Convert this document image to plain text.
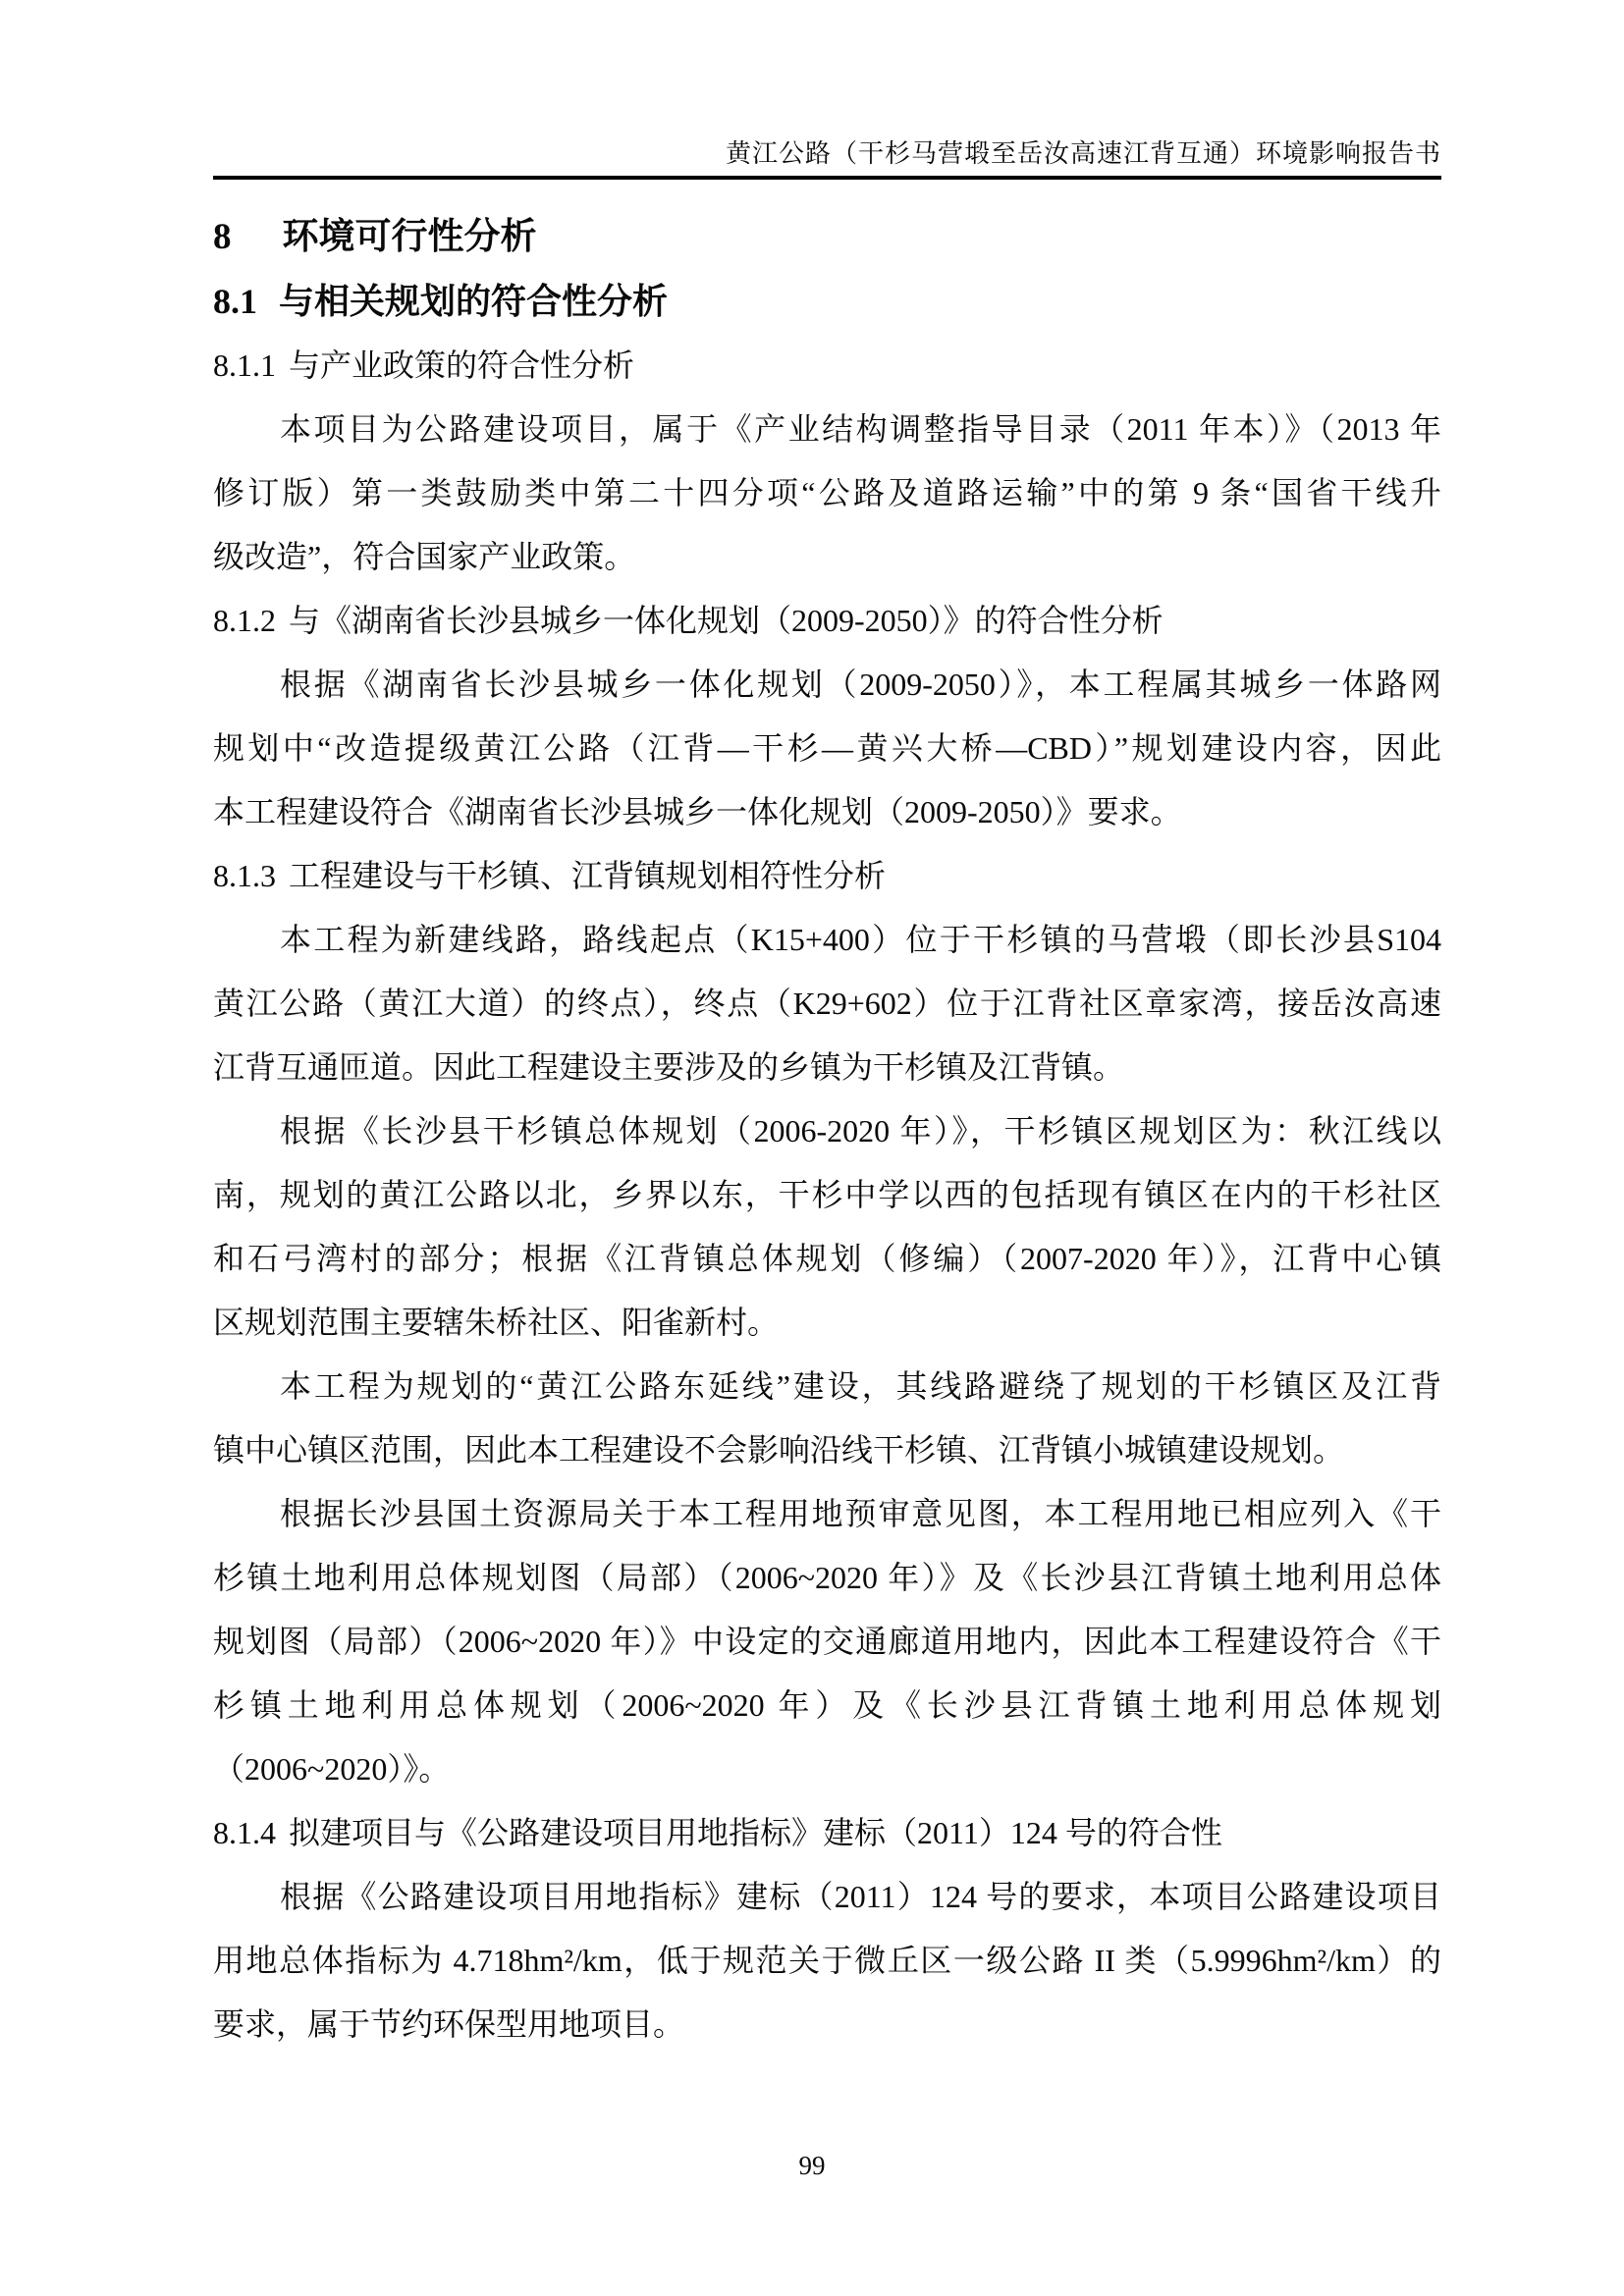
黄江公路（干杉马营塅至岳汝高速江背互通）环境影响报告书
8 环境可行性分析
8.1 与相关规划的符合性分析
8.1.1 与产业政策的符合性分析
本项目为公路建设项目，属于《产业结构调整指导目录（2011 年本）》（2013 年
修订版）第一类鼓励类中第二十四分项“公路及道路运输”中的第 9 条“国省干线升
级改造”，符合国家产业政策。
8.1.2 与《湖南省长沙县城乡一体化规划（2009-2050）》的符合性分析
根据《湖南省长沙县城乡一体化规划（2009-2050）》，本工程属其城乡一体路网
规划中“改造提级黄江公路（江背—干杉—黄兴大桥—CBD）”规划建设内容，因此
本工程建设符合《湖南省长沙县城乡一体化规划（2009-2050）》要求。
8.1.3 工程建设与干杉镇、江背镇规划相符性分析
本工程为新建线路，路线起点（K15+400）位于干杉镇的马营塅（即长沙县S104
黄江公路（黄江大道）的终点），终点（K29+602）位于江背社区章家湾，接岳汝高速
江背互通匝道。因此工程建设主要涉及的乡镇为干杉镇及江背镇。
根据《长沙县干杉镇总体规划（2006-2020 年）》，干杉镇区规划区为：秋江线以
南，规划的黄江公路以北，乡界以东，干杉中学以西的包括现有镇区在内的干杉社区
和石弓湾村的部分；根据《江背镇总体规划（修编）（2007-2020 年）》，江背中心镇
区规划范围主要辖朱桥社区、阳雀新村。
本工程为规划的“黄江公路东延线”建设，其线路避绕了规划的干杉镇区及江背
镇中心镇区范围，因此本工程建设不会影响沿线干杉镇、江背镇小城镇建设规划。
根据长沙县国土资源局关于本工程用地预审意见图，本工程用地已相应列入《干
杉镇土地利用总体规划图（局部）（2006~2020 年）》及《长沙县江背镇土地利用总体
规划图（局部）（2006~2020 年）》中设定的交通廊道用地内，因此本工程建设符合《干
杉镇土地利用总体规划（2006~2020 年）及《长沙县江背镇土地利用总体规划
（2006~2020）》。
8.1.4 拟建项目与《公路建设项目用地指标》建标（2011）124 号的符合性
根据《公路建设项目用地指标》建标（2011）124 号的要求，本项目公路建设项目
用地总体指标为 4.718hm²/km，低于规范关于微丘区一级公路 II 类（5.9996hm²/km）的
要求，属于节约环保型用地项目。
99
